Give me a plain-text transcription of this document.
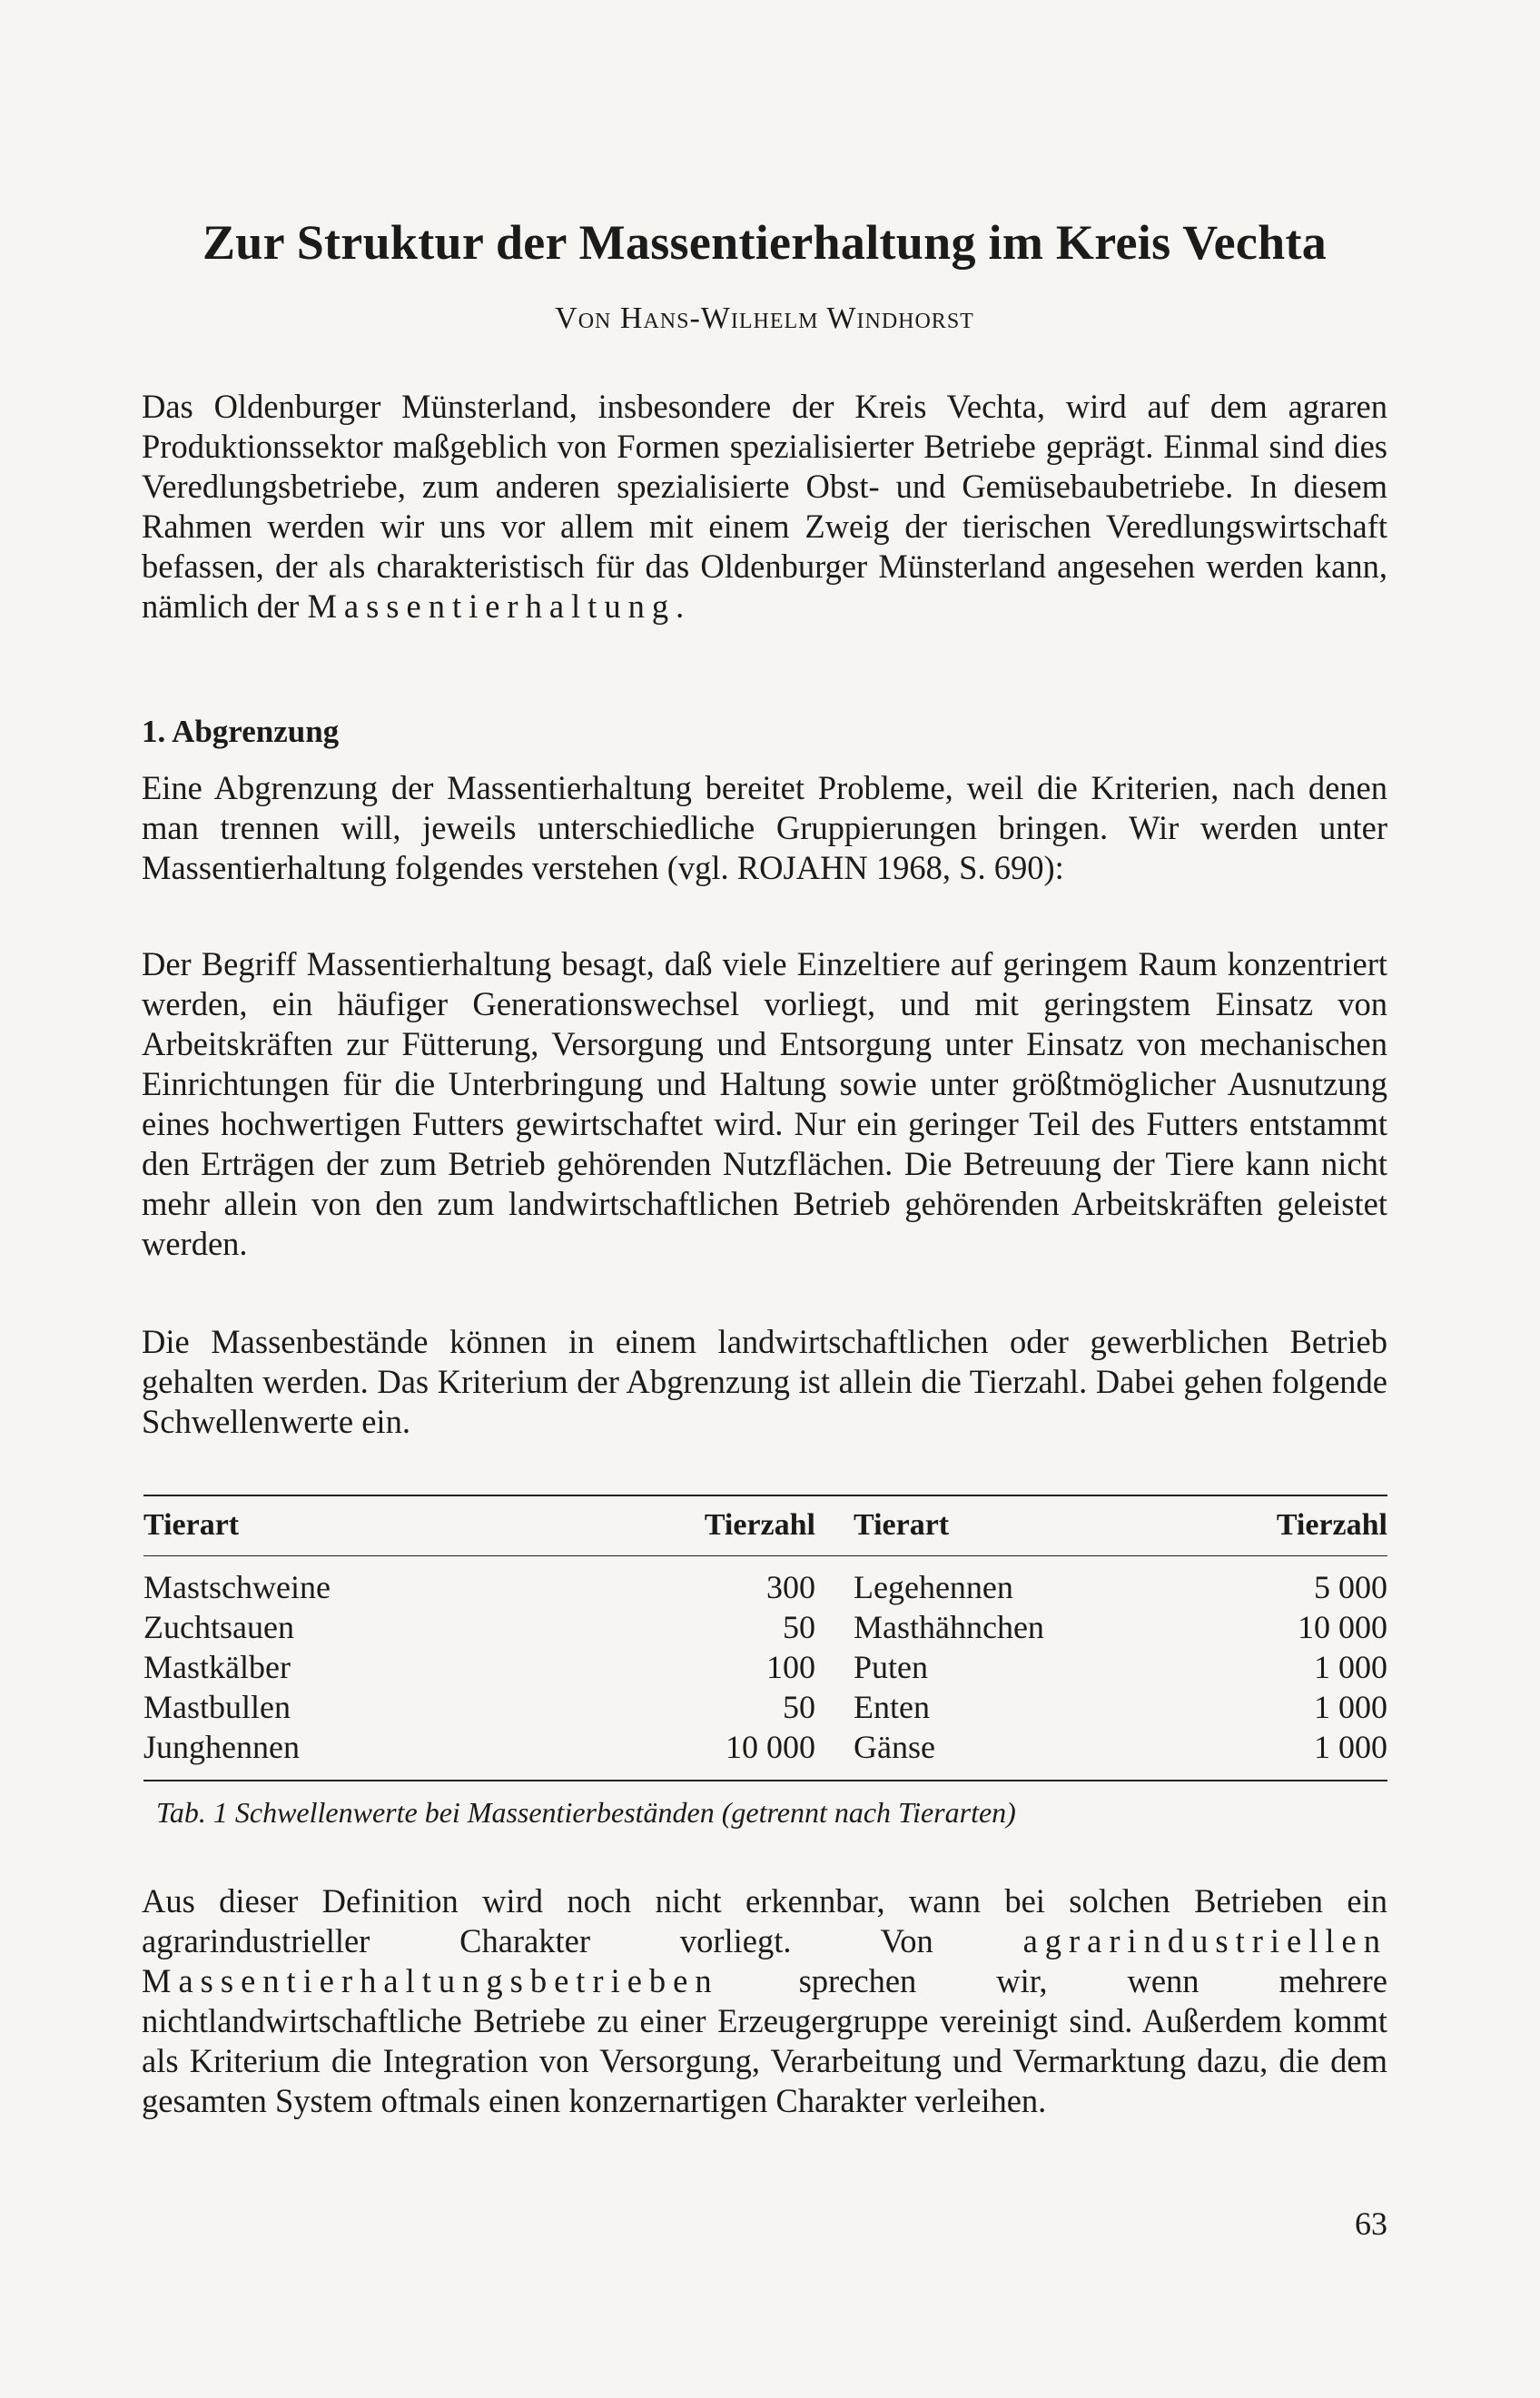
Zur Struktur der Massentierhaltung im Kreis Vechta

Von Hans-Wilhelm Windhorst

Das Oldenburger Münsterland, insbesondere der Kreis Vechta, wird auf dem agraren Produktionssektor maßgeblich von Formen spezialisierter Betriebe geprägt. Einmal sind dies Veredlungsbetriebe, zum anderen spezialisierte Obst- und Gemüsebaubetriebe. In diesem Rahmen werden wir uns vor allem mit einem Zweig der tierischen Veredlungswirtschaft befassen, der als charakteristisch für das Oldenburger Münsterland angesehen werden kann, nämlich der Massentierhaltung.

1. Abgrenzung

Eine Abgrenzung der Massentierhaltung bereitet Probleme, weil die Kriterien, nach denen man trennen will, jeweils unterschiedliche Gruppierungen bringen. Wir werden unter Massentierhaltung folgendes verstehen (vgl. ROJAHN 1968, S. 690):

Der Begriff Massentierhaltung besagt, daß viele Einzeltiere auf geringem Raum konzentriert werden, ein häufiger Generationswechsel vorliegt, und mit geringstem Einsatz von Arbeitskräften zur Fütterung, Versorgung und Entsorgung unter Einsatz von mechanischen Einrichtungen für die Unterbringung und Haltung sowie unter größtmöglicher Ausnutzung eines hochwertigen Futters gewirtschaftet wird. Nur ein geringer Teil des Futters entstammt den Erträgen der zum Betrieb gehörenden Nutzflächen. Die Betreuung der Tiere kann nicht mehr allein von den zum landwirtschaftlichen Betrieb gehörenden Arbeitskräften geleistet werden.

Die Massenbestände können in einem landwirtschaftlichen oder gewerblichen Betrieb gehalten werden. Das Kriterium der Abgrenzung ist allein die Tierzahl. Dabei gehen folgende Schwellenwerte ein.

Tierart	Tierzahl Tierart	Tierzahl
Mastschweine	300 Legehennen	5 000
Zuchtsauen	50 Masthähnchen	10 000
Mastkälber	100 Puten	1 000
Mastbullen	50 Enten	1 000
Junghennen	10 000 Gänse	1 000

Tab. 1 Schwellenwerte bei Massentierbeständen (getrennt nach Tierarten)

Aus dieser Definition wird noch nicht erkennbar, wann bei solchen Betrieben ein agrarindustrieller Charakter vorliegt. Von agrarindustriellen Massentierhaltungsbetrieben sprechen wir, wenn mehrere nichtlandwirtschaftliche Betriebe zu einer Erzeugergruppe vereinigt sind. Außerdem kommt als Kriterium die Integration von Versorgung, Verarbeitung und Vermarktung dazu, die dem gesamten System oftmals einen konzernartigen Charakter verleihen.

63
